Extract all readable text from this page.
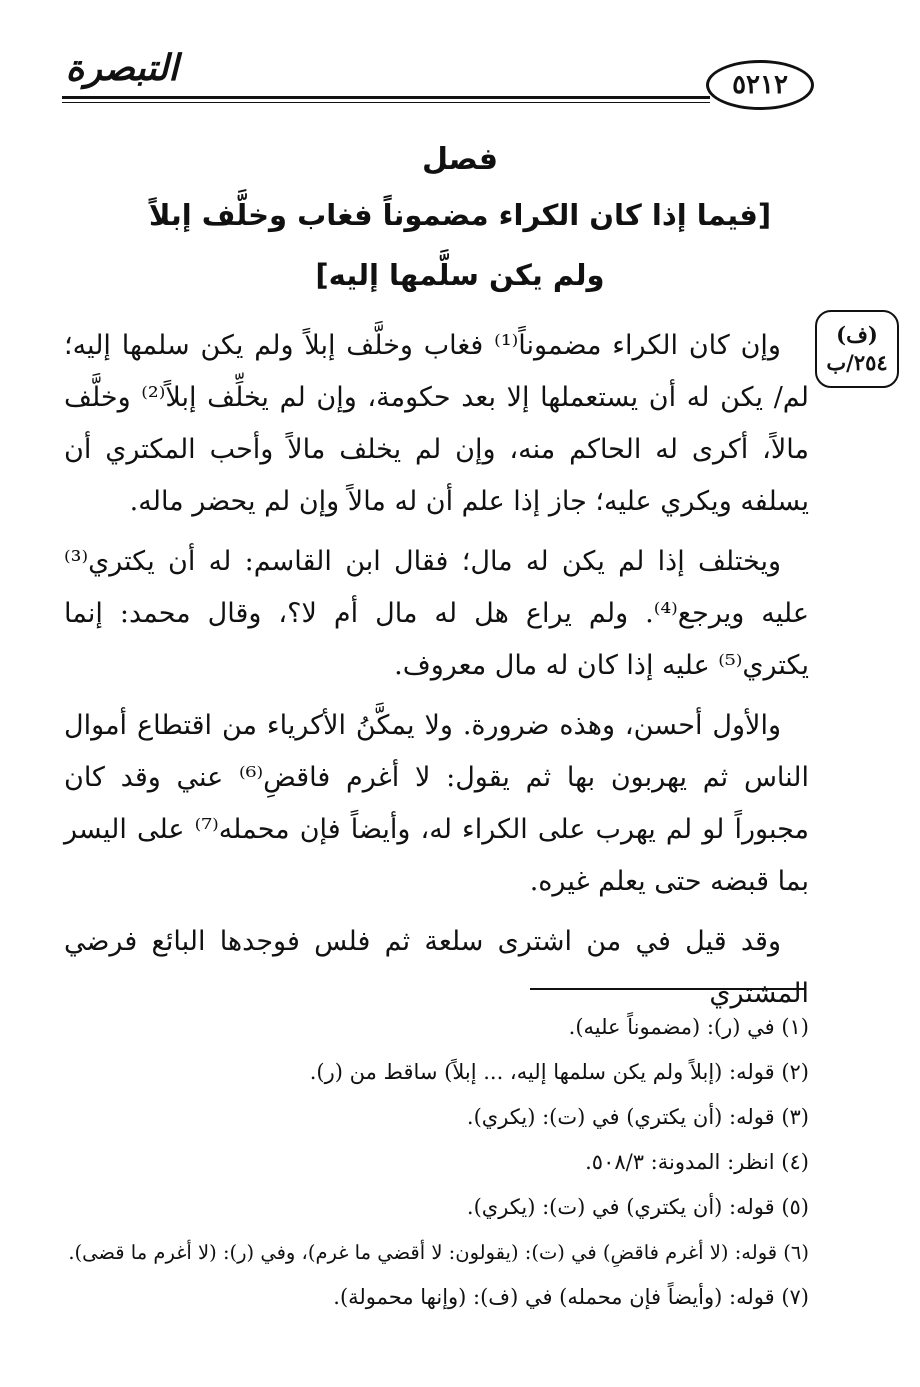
التبصرة	٥٢١٢
فصل
[فيما إذا كان الكراء مضموناً فغاب وخلَّف إبلاً
ولم يكن سلَّمها إليه]
(ف)
٢٥٤/ب

وإن كان الكراء مضموناً⁽¹⁾ فغاب وخلَّف إبلاً ولم يكن سلمها إليه؛ لم/ يكن له أن يستعملها إلا بعد حكومة، وإن لم يخلِّف إبلاً⁽²⁾ وخلَّف مالاً، أكرى له الحاكم منه، وإن لم يخلف مالاً وأحب المكتري أن يسلفه ويكري عليه؛ جاز إذا علم أن له مالاً وإن لم يحضر ماله.

ويختلف إذا لم يكن له مال؛ فقال ابن القاسم: له أن يكتري⁽³⁾ عليه ويرجع⁽⁴⁾. ولم يراع هل له مال أم لا؟، وقال محمد: إنما يكتري⁽⁵⁾ عليه إذا كان له مال معروف.

والأول أحسن، وهذه ضرورة. ولا يمكَّنُ الأكرياء من اقتطاع أموال الناس ثم يهربون بها ثم يقول: لا أغرم فاقضِ⁽⁶⁾ عني وقد كان مجبوراً لو لم يهرب على الكراء له، وأيضاً فإن محمله⁽⁷⁾ على اليسر بما قبضه حتى يعلم غيره.

وقد قيل في من اشترى سلعة ثم فلس فوجدها البائع فرضي المشتري

(١) في (ر): (مضموناً عليه).
(٢) قوله: (إبلاً ولم يكن سلمها إليه، ... إبلاً) ساقط من (ر).
(٣) قوله: (أن يكتري) في (ت): (يكري).
(٤) انظر: المدونة: ٥٠٨/٣.
(٥) قوله: (أن يكتري) في (ت): (يكري).
(٦) قوله: (لا أغرم فاقضِ) في (ت): (يقولون: لا أقضي ما غرم)، وفي (ر): (لا أغرم ما قضى).
(٧) قوله: (وأيضاً فإن محمله) في (ف): (وإنها محمولة).
